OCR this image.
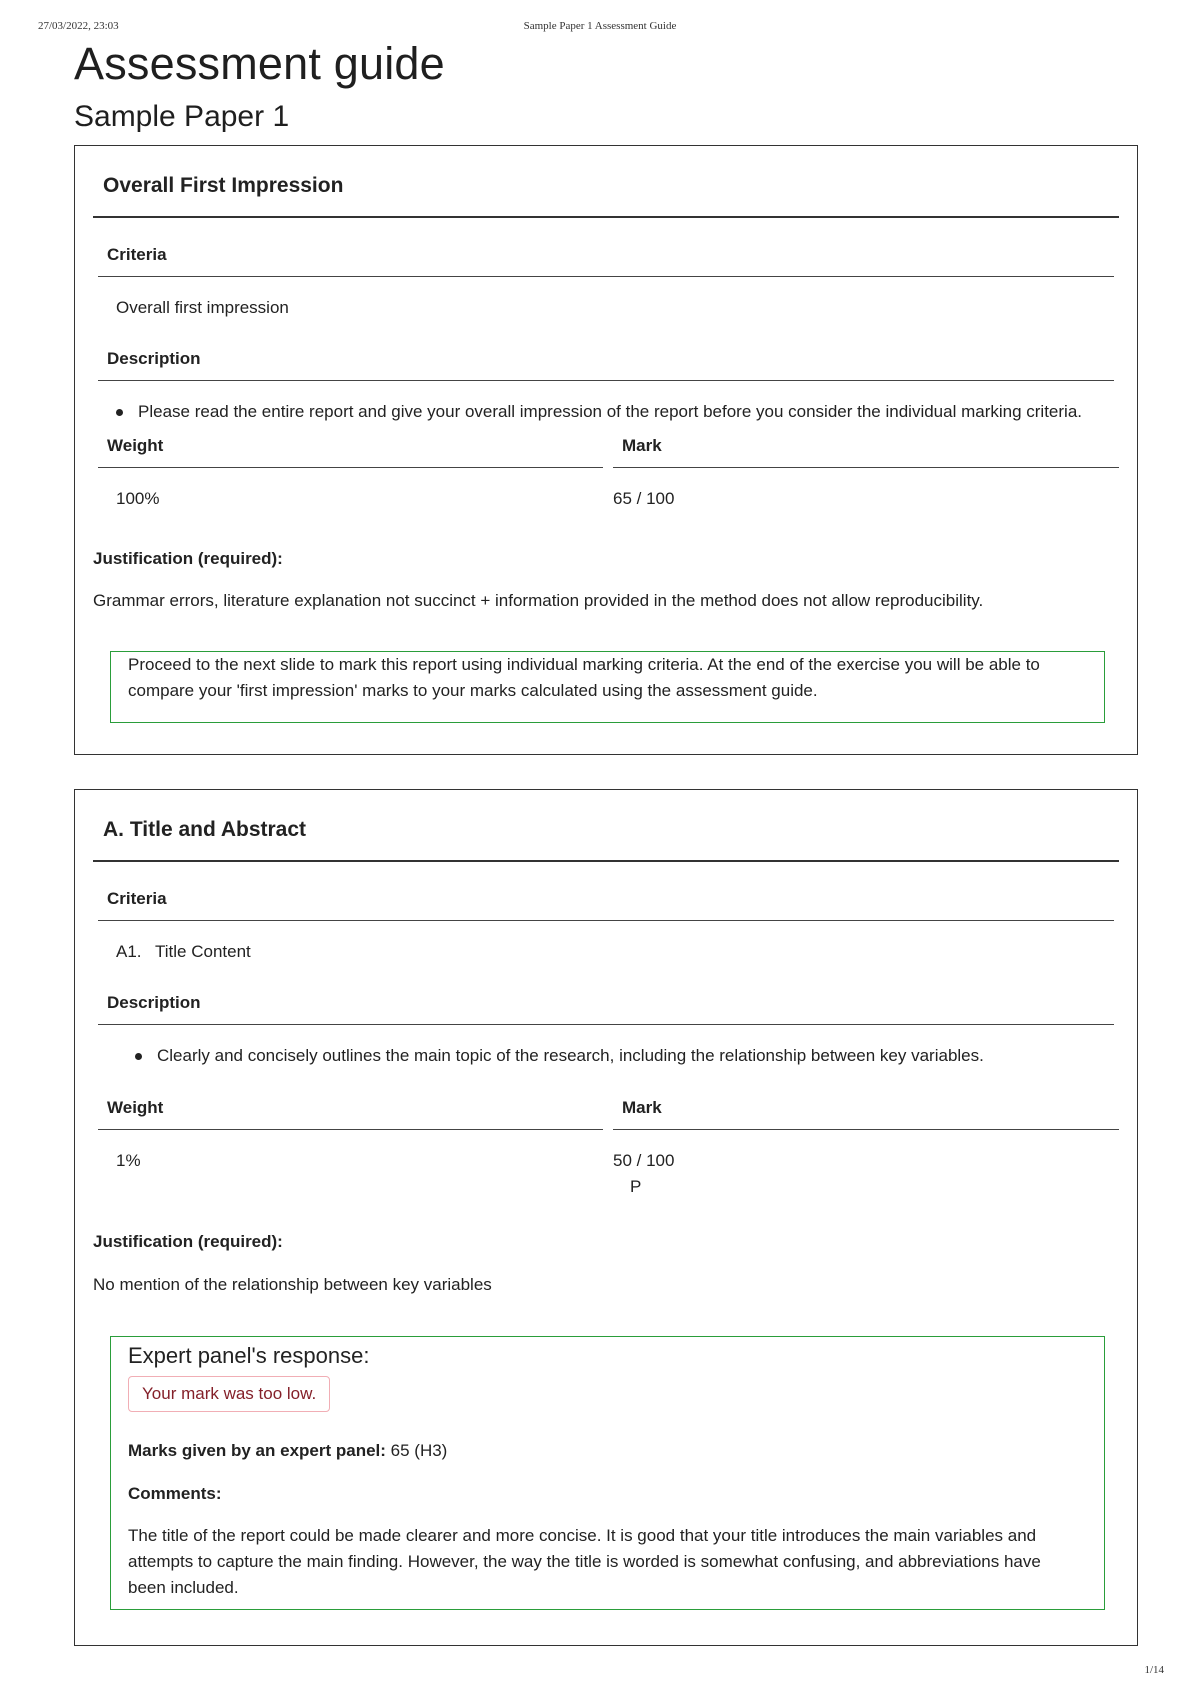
27/03/2022, 23:03	Sample Paper 1 Assessment Guide
Assessment guide
Sample Paper 1
Overall First Impression
Criteria
Overall first impression
Description
Please read the entire report and give your overall impression of the report before you consider the individual marking criteria.
Weight	Mark
100%	65 / 100
Justification (required):
Grammar errors, literature explanation not succinct + information provided in the method does not allow reproducibility.
Proceed to the next slide to mark this report using individual marking criteria. At the end of the exercise you will be able to compare your 'first impression' marks to your marks calculated using the assessment guide.
A. Title and Abstract
Criteria
A1. Title Content
Description
Clearly and concisely outlines the main topic of the research, including the relationship between key variables.
Weight	Mark
1%	50 / 100
P
Justification (required):
No mention of the relationship between key variables
Expert panel's response:
Your mark was too low.
Marks given by an expert panel: 65 (H3)
Comments:
The title of the report could be made clearer and more concise. It is good that your title introduces the main variables and attempts to capture the main finding. However, the way the title is worded is somewhat confusing, and abbreviations have been included.
1/14
